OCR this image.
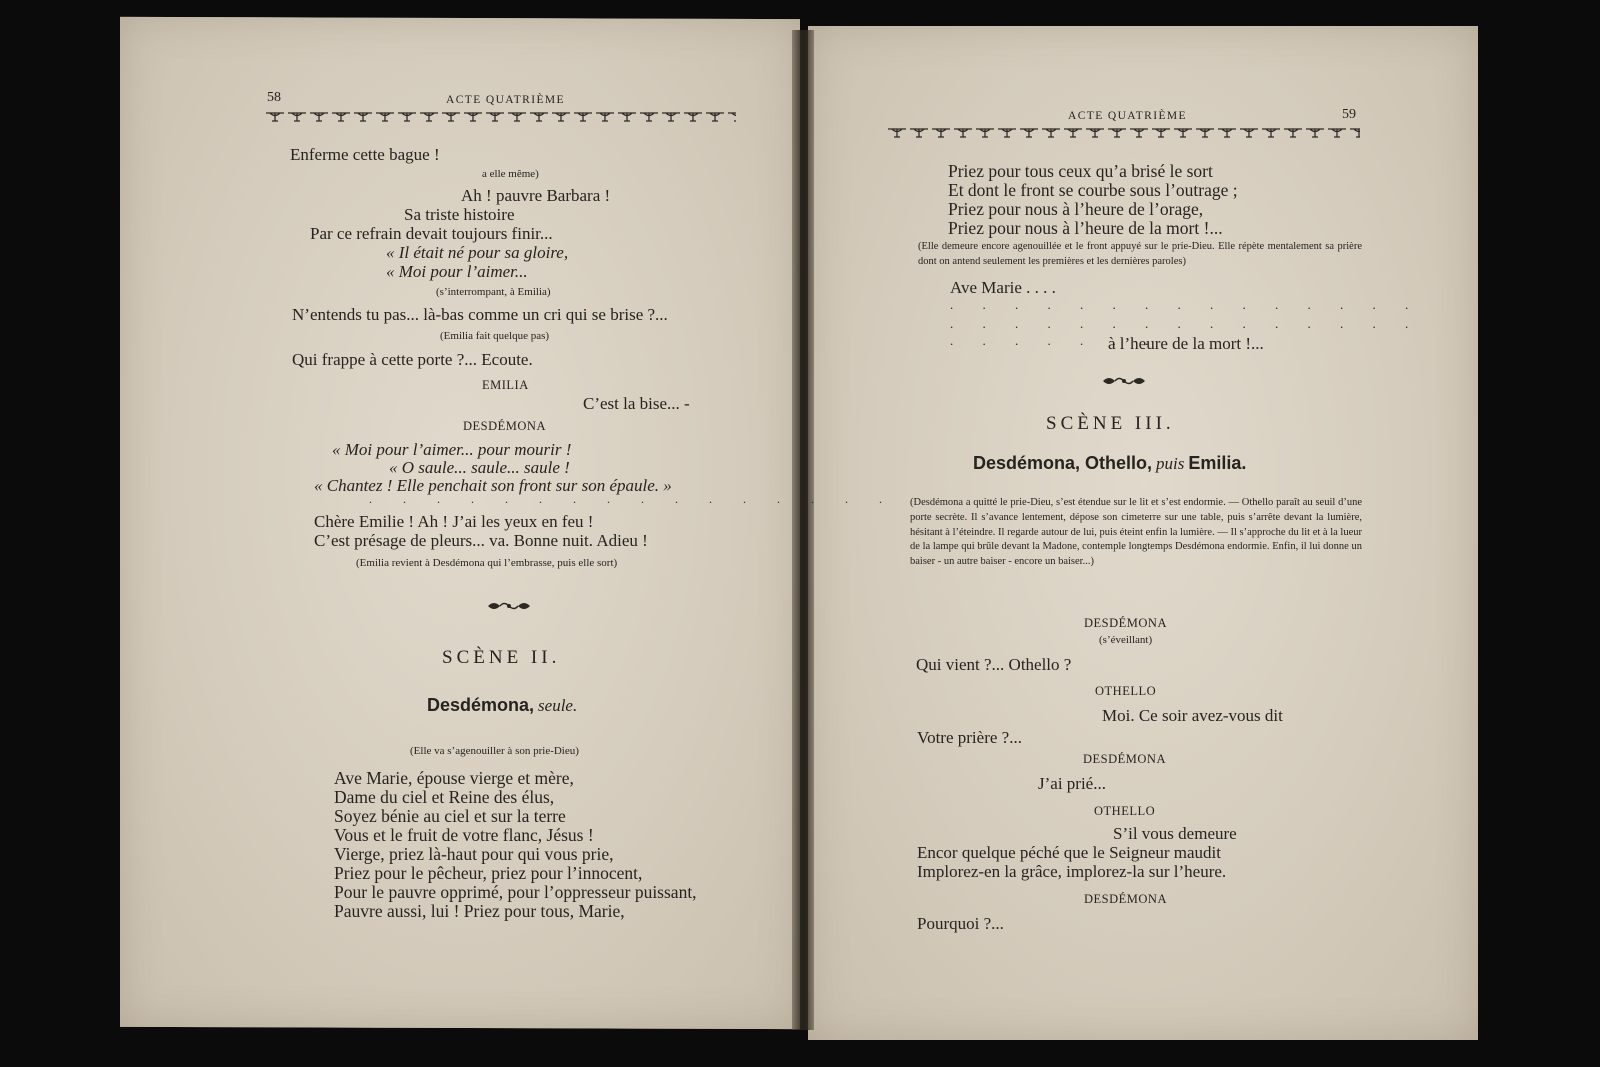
58	ACTE QUATRIÈME
Enferme cette bague !
a elle même)
Ah ! pauvre Barbara !
Sa triste histoire
Par ce refrain devait toujours finir...
« Il était né pour sa gloire,
« Moi pour l’aimer...
(s’interrompant, à Emilia)
N’entends tu pas... là-bas comme un cri qui se brise ?...
(Emilia fait quelque pas)
Qui frappe à cette porte ?... Ecoute.
EMILIA
C’est la bise... -
DESDÉMONA
« Moi pour l’aimer... pour mourir !
« O saule... saule... saule !
« Chantez ! Elle penchait son front sur son épaule. »
. . . . . . . . . . . . . . . .
Chère Emilie ! Ah ! J’ai les yeux en feu !
C’est présage de pleurs... va. Bonne nuit. Adieu !
(Emilia revient à Desdémona qui l’embrasse, puis elle sort)
SCÈNE II.
Desdémona, seule.
(Elle va s’agenouiller à son prie-Dieu)
Ave Marie, épouse vierge et mère,
Dame du ciel et Reine des élus,
Soyez bénie au ciel et sur la terre
Vous et le fruit de votre flanc, Jésus !
Vierge, priez là-haut pour qui vous prie,
Priez pour le pêcheur, priez pour l’innocent,
Pour le pauvre opprimé, pour l’oppresseur puissant,
Pauvre aussi, lui ! Priez pour tous, Marie,
ACTE QUATRIÈME	59
Priez pour tous ceux qu’a brisé le sort
Et dont le front se courbe sous l’outrage ;
Priez pour nous à l’heure de l’orage,
Priez pour nous à l’heure de la mort !...
(Elle demeure encore agenouillée et le front appuyé sur le prie-Dieu. Elle répète mentalement sa prière dont on antend seulement les premières et les dernières paroles)
Ave Marie . . . .
. . . . . . . . . . . . . . .
. . . . . . . . . . . . . . .
. . . . . . .
à l’heure de la mort !...
SCÈNE III.
Desdémona, Othello, puis Emilia.
(Desdémona a quitté le prie-Dieu, s’est étendue sur le lit et s’est endormie. — Othello paraît au seuil d’une porte secrète. Il s’avance lentement, dépose son cimeterre sur une table, puis s’arrête devant la lumière, hésitant à l’éteindre. Il regarde autour de lui, puis éteint enfin la lumière. — Il s’approche du lit et à la lueur de la lampe qui brûle devant la Madone, contemple longtemps Desdémona endormie. Enfin, il lui donne un baiser - un autre baiser - encore un baiser...)
DESDÉMONA
(s’éveillant)
Qui vient ?... Othello ?
OTHELLO
Moi. Ce soir avez-vous dit
Votre prière ?...
DESDÉMONA
J’ai prié...
OTHELLO
S’il vous demeure
Encor quelque péché que le Seigneur maudit
Implorez-en la grâce, implorez-la sur l’heure.
DESDÉMONA
Pourquoi ?...
